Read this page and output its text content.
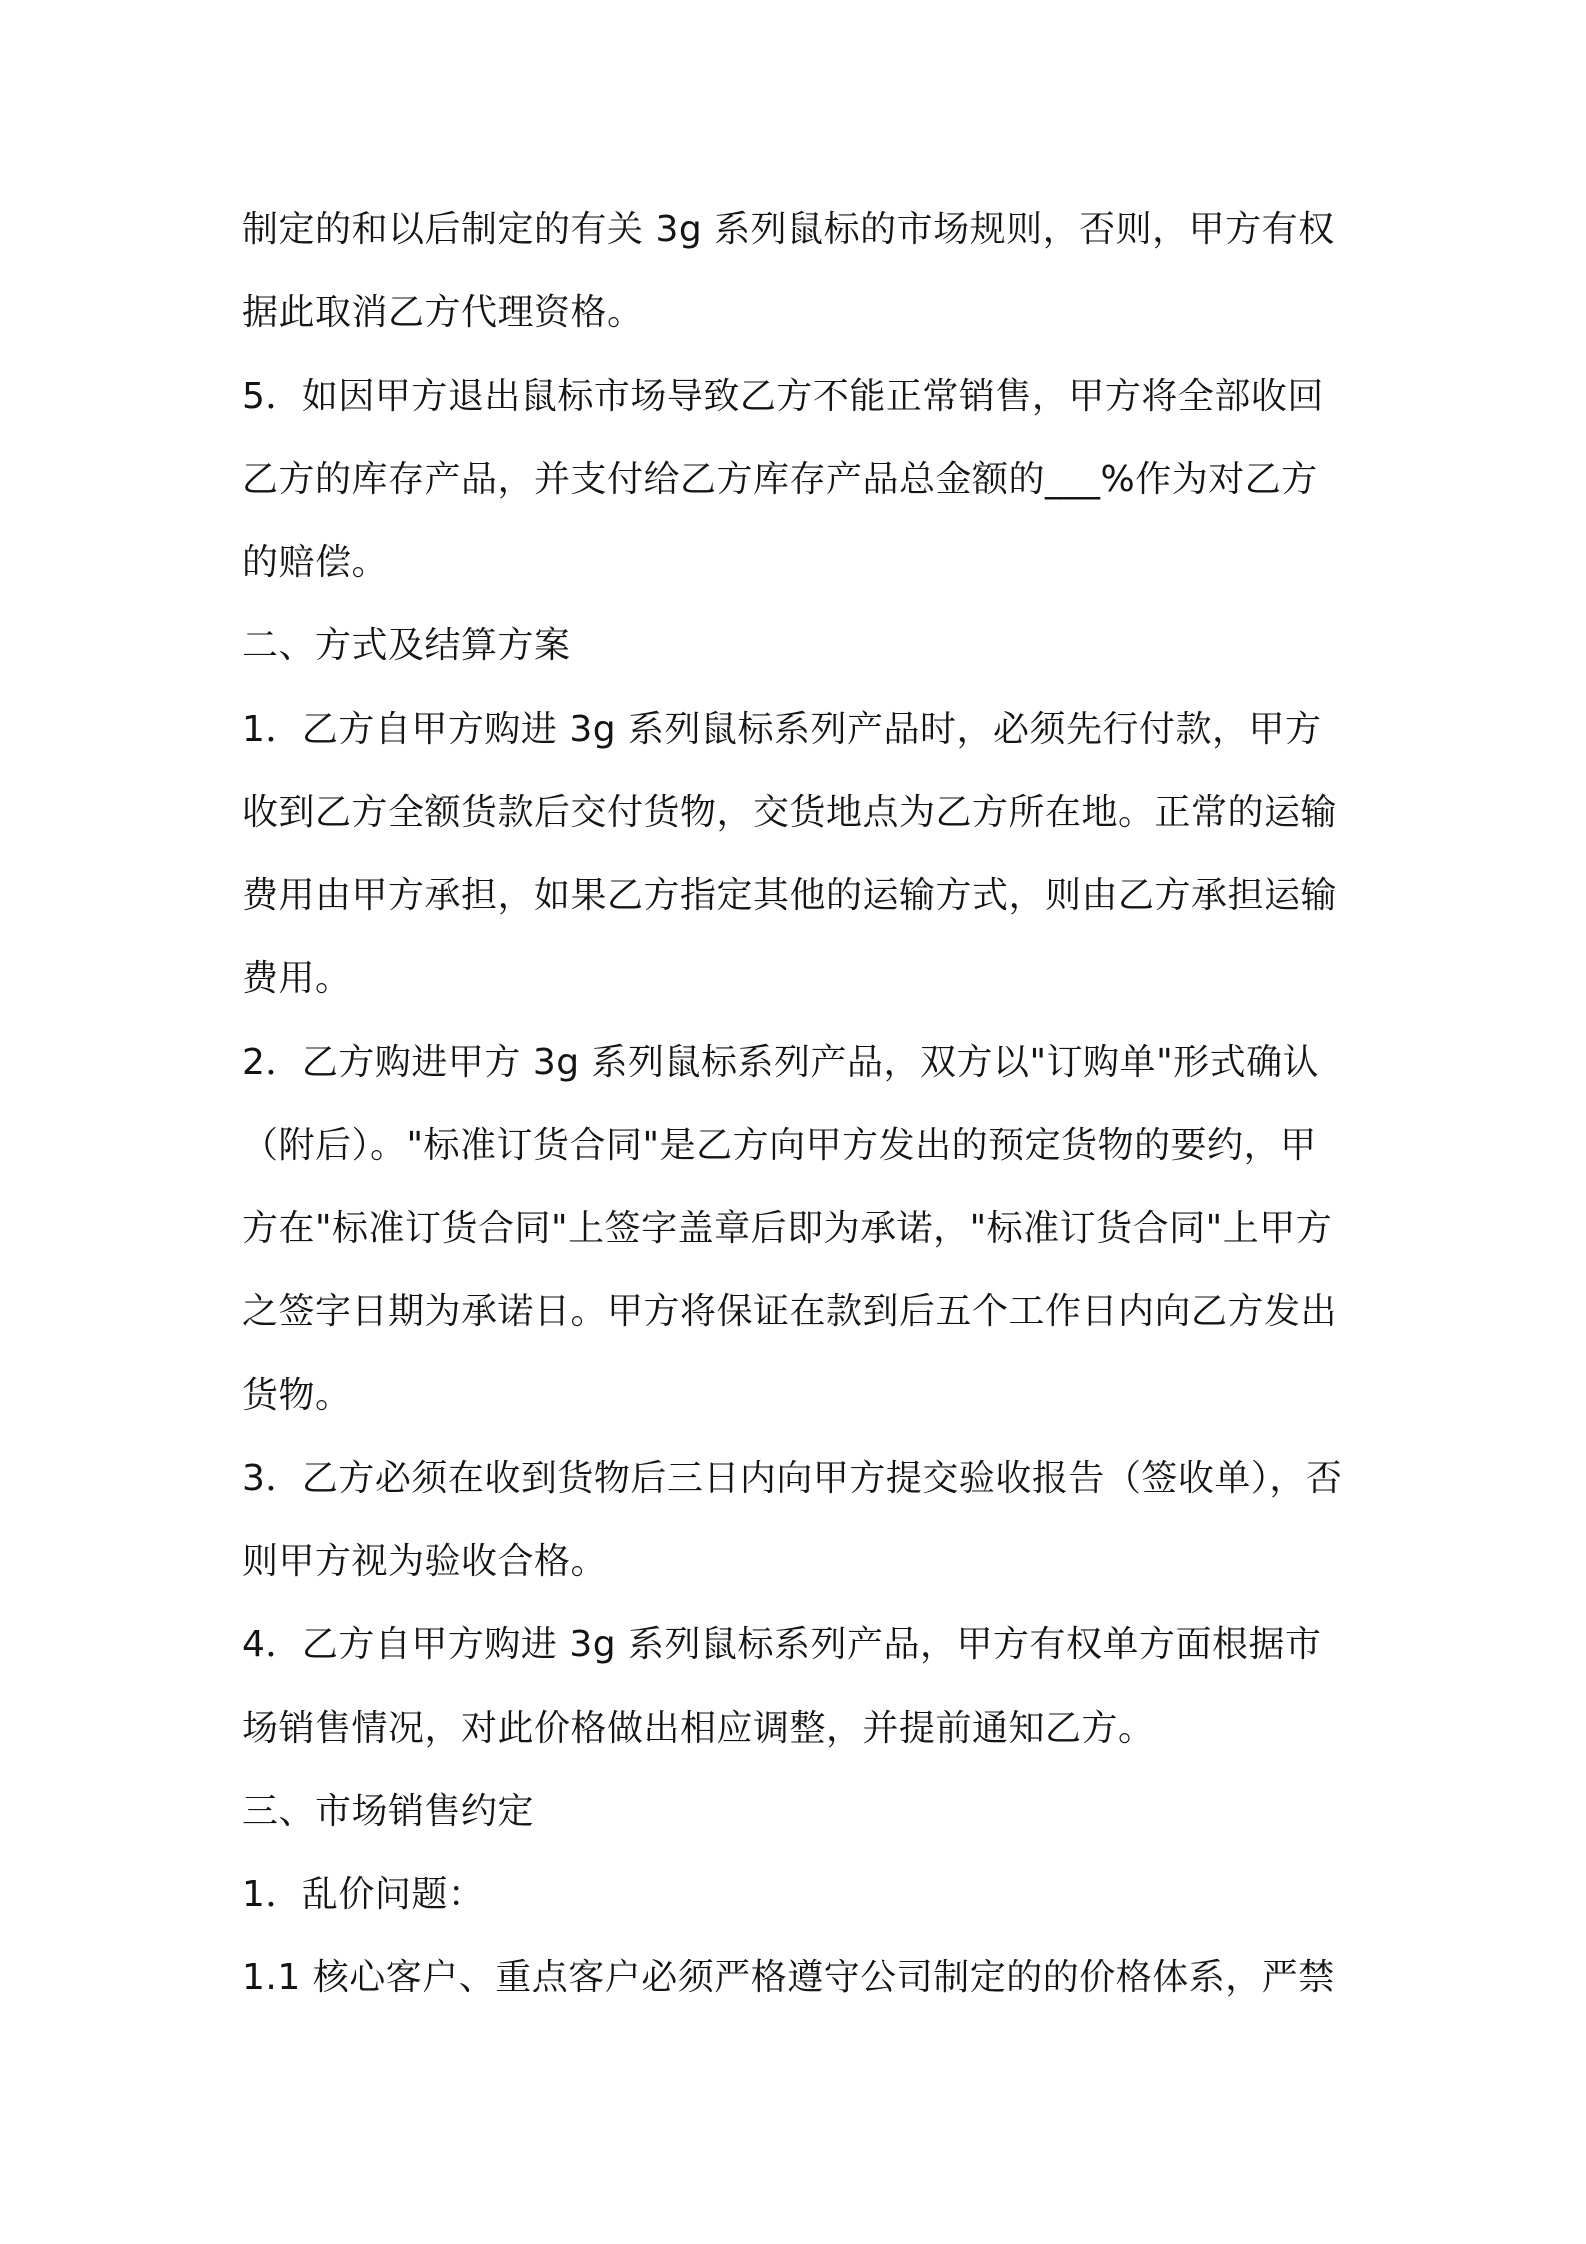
制定的和以后制定的有关 3g 系列鼠标的市场规则，否则，甲方有权
据此取消乙方代理资格。
5．如因甲方退出鼠标市场导致乙方不能正常销售，甲方将全部收回
乙方的库存产品，并支付给乙方库存产品总金额的___%作为对乙方
的赔偿。
二、方式及结算方案
1．乙方自甲方购进 3g 系列鼠标系列产品时，必须先行付款，甲方
收到乙方全额货款后交付货物，交货地点为乙方所在地。正常的运输
费用由甲方承担，如果乙方指定其他的运输方式，则由乙方承担运输
费用。
2．乙方购进甲方 3g 系列鼠标系列产品，双方以"订购单"形式确认
（附后）。"标准订货合同"是乙方向甲方发出的预定货物的要约，甲
方在"标准订货合同"上签字盖章后即为承诺，"标准订货合同"上甲方
之签字日期为承诺日。甲方将保证在款到后五个工作日内向乙方发出
货物。
3．乙方必须在收到货物后三日内向甲方提交验收报告（签收单），否
则甲方视为验收合格。
4．乙方自甲方购进 3g 系列鼠标系列产品，甲方有权单方面根据市
场销售情况，对此价格做出相应调整，并提前通知乙方。
三、市场销售约定
1．乱价问题：
1.1 核心客户、重点客户必须严格遵守公司制定的的价格体系，严禁
